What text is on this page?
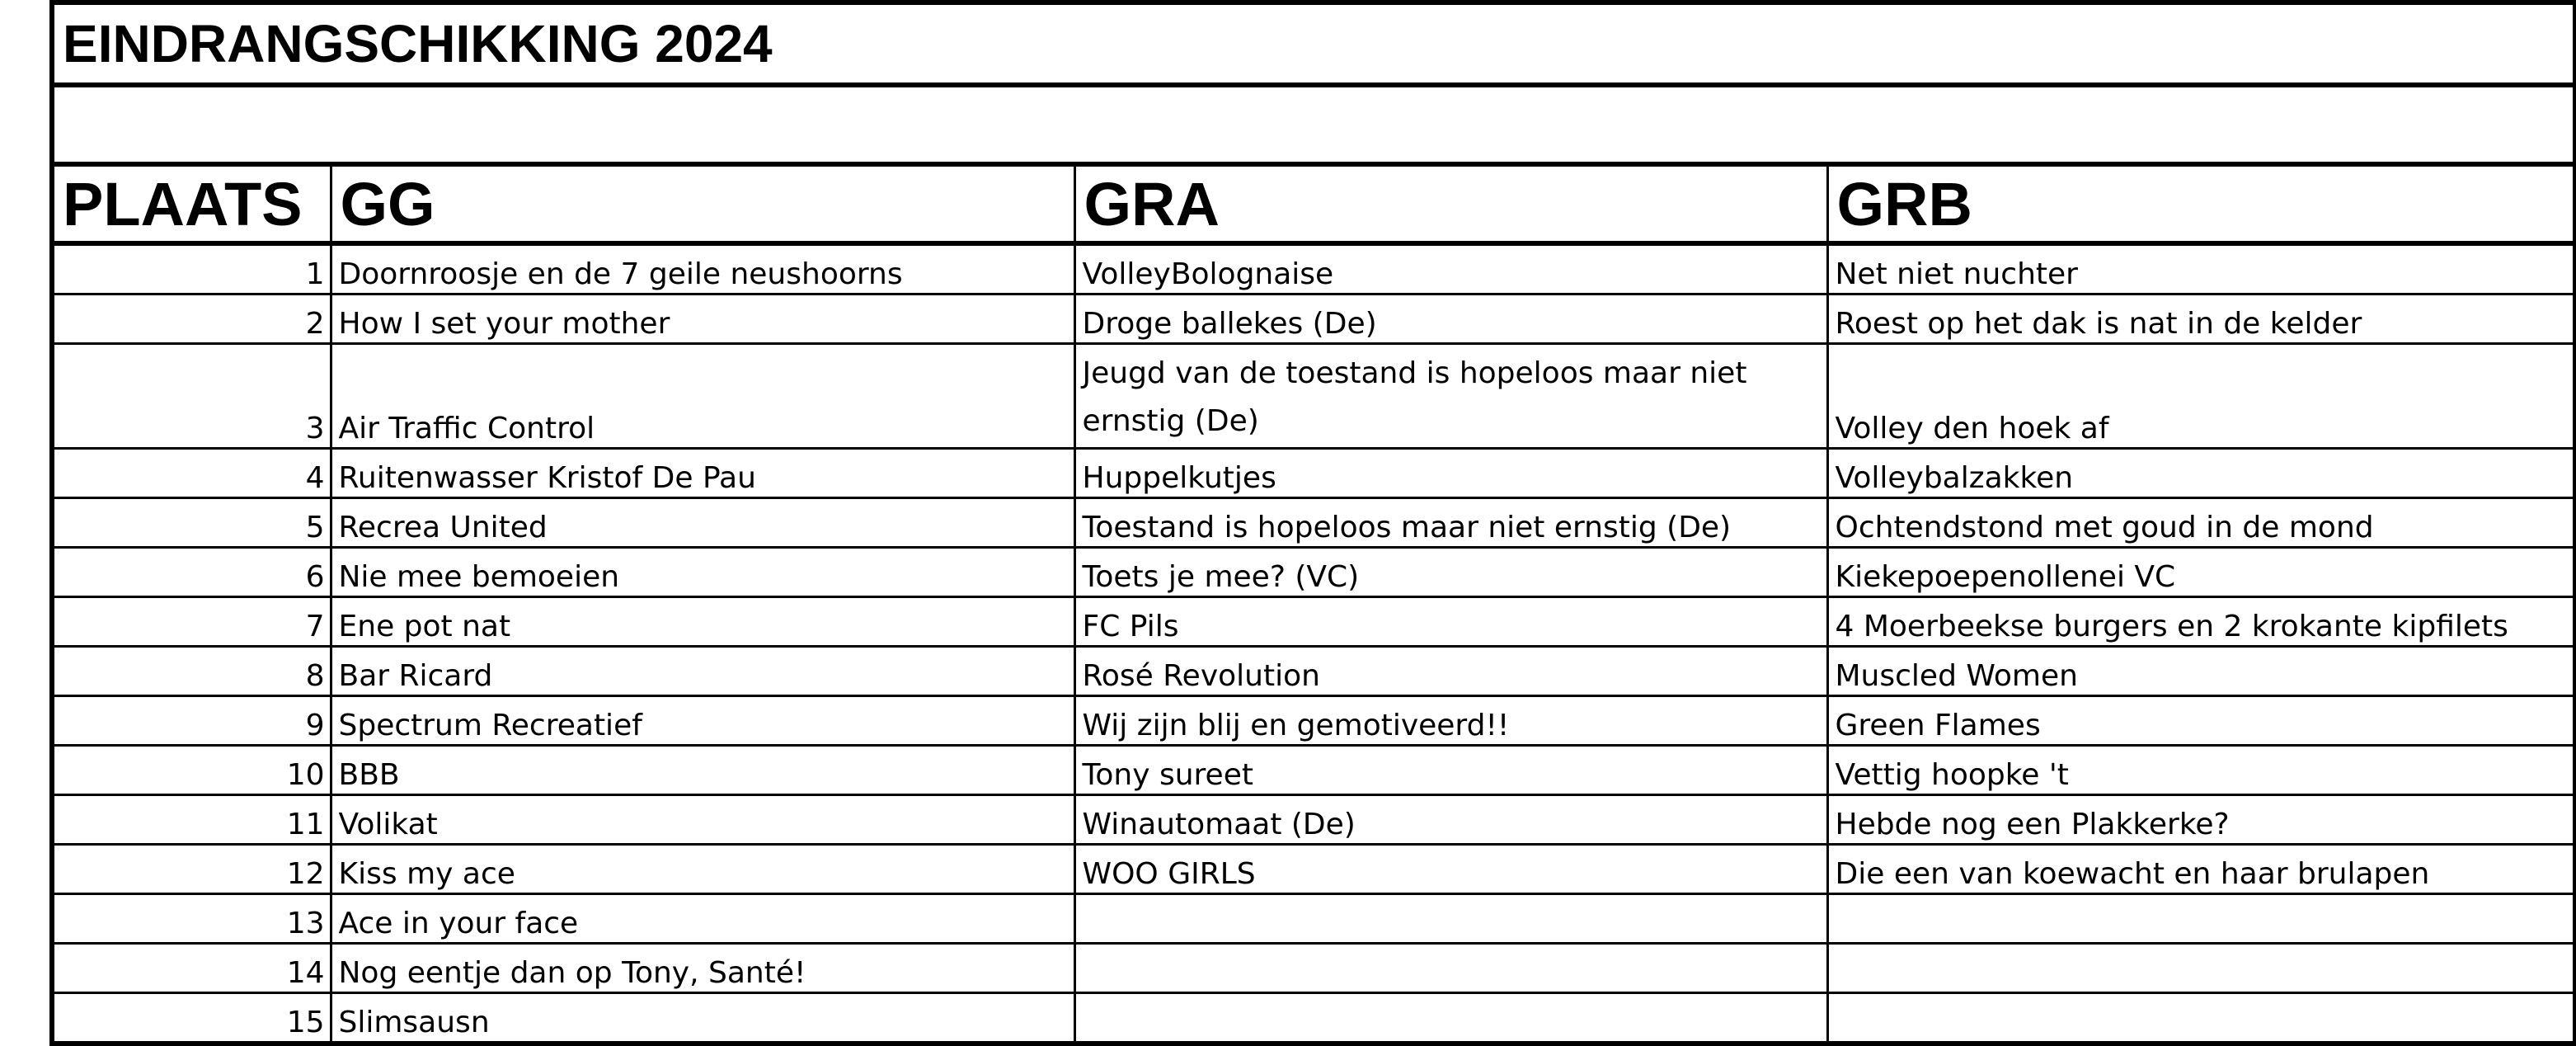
EINDRANGSCHIKKING 2024			

PLAATS	GG	GRA	GRB
1	Doornroosje en de 7 geile neushoorns	VolleyBolognaise	Net niet nuchter
2	How I set your mother	Droge ballekes (De)	Roest op het dak is nat in de kelder
3	Air Traffic Control	Jeugd van de toestand is hopeloos maar niet ernstig (De)	Volley den hoek af
4	Ruitenwasser Kristof De Pau	Huppelkutjes	Volleybalzakken
5	Recrea United	Toestand is hopeloos maar niet ernstig (De)	Ochtendstond met goud in de mond
6	Nie mee bemoeien	Toets je mee? (VC)	Kiekepoepenollenei VC
7	Ene pot nat	FC Pils	4 Moerbeekse burgers en 2 krokante kipfilets
8	Bar Ricard	Rosé Revolution	Muscled Women
9	Spectrum Recreatief	Wij zijn blij en gemotiveerd!!	Green Flames
10	BBB	Tony sureet	Vettig hoopke 't
11	Volikat	Winautomaat (De)	Hebde nog een Plakkerke?
12	Kiss my ace	WOO GIRLS	Die een van koewacht en haar brulapen
13	Ace in your face		
14	Nog eentje dan op Tony, Santé!		
15	Slimsausn		
